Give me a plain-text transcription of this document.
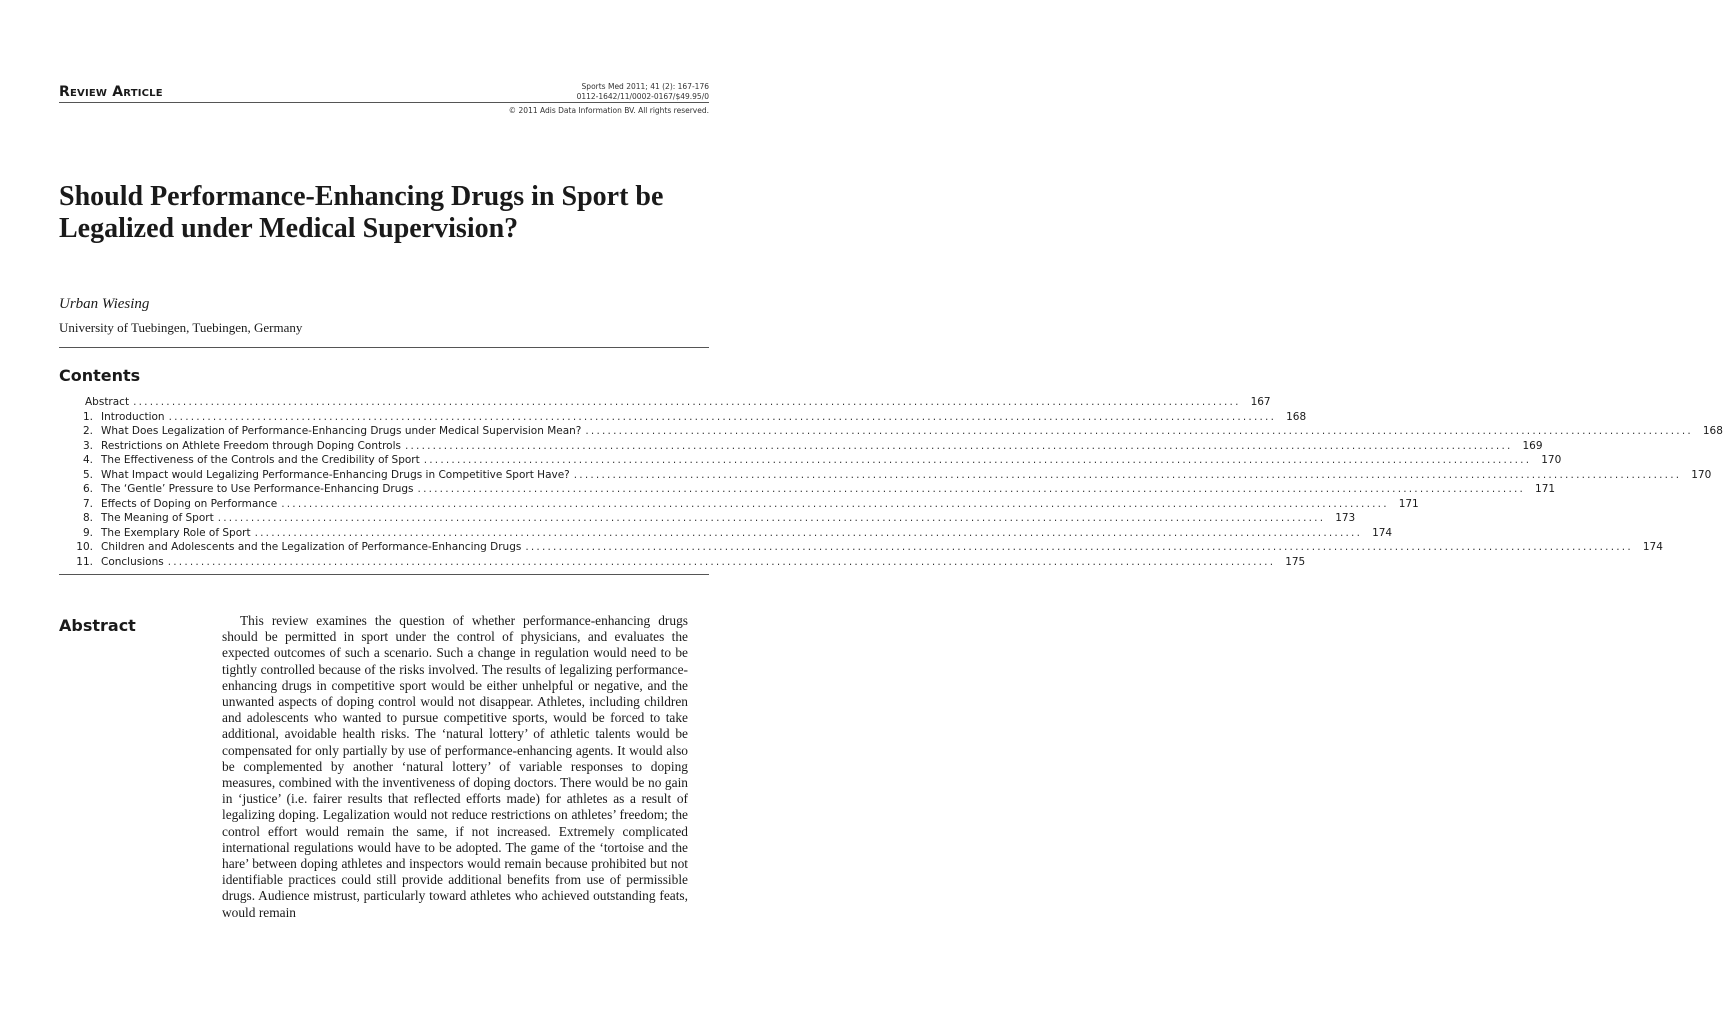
Review Article	Sports Med 2011; 41 (2): 167-176
0112-1642/11/0002-0167/$49.95/0
© 2011 Adis Data Information BV. All rights reserved.
Should Performance-Enhancing Drugs in Sport be Legalized under Medical Supervision?
Urban Wiesing
University of Tuebingen, Tuebingen, Germany
Contents
Abstract ........................................................................................................................................................................................................ 167
1. Introduction ........................................................................................................................................................................................................ 168
2. What Does Legalization of Performance-Enhancing Drugs under Medical Supervision Mean? ........................................................................................................................................................................................................ 168
3. Restrictions on Athlete Freedom through Doping Controls ........................................................................................................................................................................................................ 169
4. The Effectiveness of the Controls and the Credibility of Sport ........................................................................................................................................................................................................ 170
5. What Impact would Legalizing Performance-Enhancing Drugs in Competitive Sport Have? ........................................................................................................................................................................................................ 170
6. The ‘Gentle’ Pressure to Use Performance-Enhancing Drugs ........................................................................................................................................................................................................ 171
7. Effects of Doping on Performance ........................................................................................................................................................................................................ 171
8. The Meaning of Sport ........................................................................................................................................................................................................ 173
9. The Exemplary Role of Sport ........................................................................................................................................................................................................ 174
10. Children and Adolescents and the Legalization of Performance-Enhancing Drugs ........................................................................................................................................................................................................ 174
11. Conclusions ........................................................................................................................................................................................................ 175
Abstract	This review examines the question of whether performance-enhancing drugs should be permitted in sport under the control of physicians, and evaluates the expected outcomes of such a scenario. Such a change in regulation would need to be tightly controlled because of the risks involved. The results of legalizing performance-enhancing drugs in competitive sport would be either unhelpful or negative, and the unwanted aspects of doping control would not disappear. Athletes, including children and adolescents who wanted to pursue competitive sports, would be forced to take additional, avoidable health risks. The ‘natural lottery’ of athletic talents would be compensated for only partially by use of performance-enhancing agents. It would also be complemented by another ‘natural lottery’ of variable responses to doping measures, combined with the inventiveness of doping doctors. There would be no gain in ‘justice’ (i.e. fairer results that reflected efforts made) for athletes as a result of legalizing doping. Legalization would not reduce restrictions on athletes’ freedom; the control effort would remain the same, if not increased. Extremely complicated international regulations would have to be adopted. The game of the ‘tortoise and the hare’ between doping athletes and inspectors would remain because prohibited but not identifiable practices could still provide additional benefits from use of permissible drugs. Audience mistrust, particularly toward athletes who achieved outstanding feats, would remain
